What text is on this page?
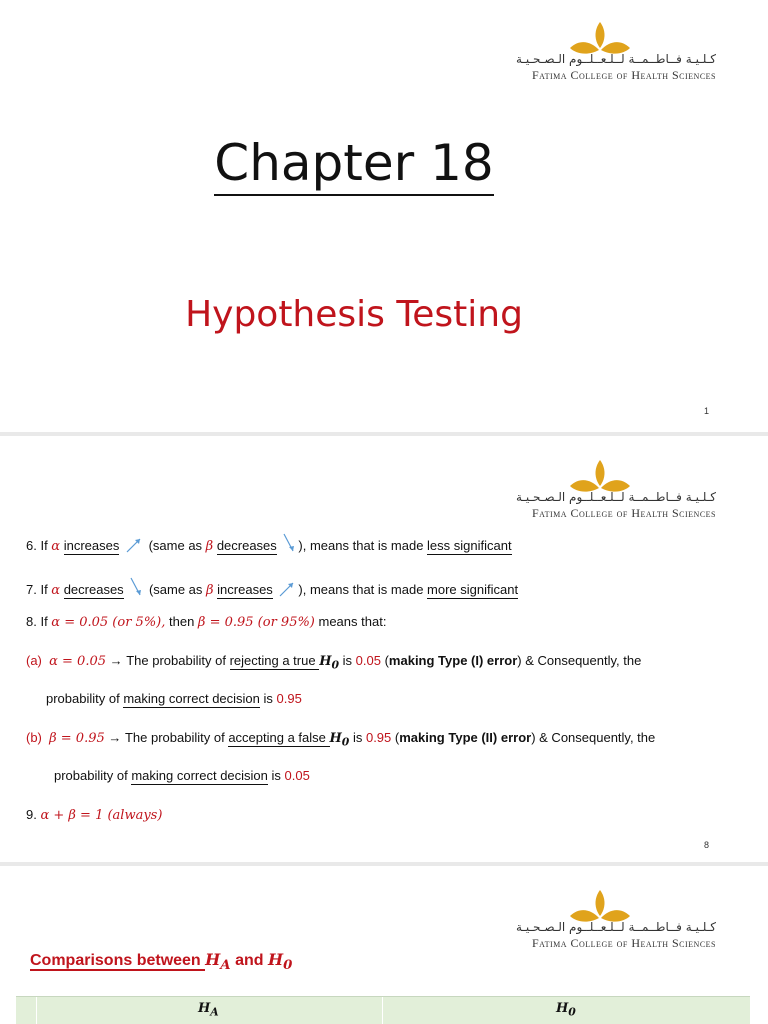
كـلـيـة فــاطــمــة لــلـعــلــوم الـصـحـيـة
Fatima College of Health Sciences
Chapter 18
Hypothesis Testing
1
كـلـيـة فــاطــمــة لــلـعــلــوم الـصـحـيـة
Fatima College of Health Sciences
6. If α increases (same as β decreases ), means that is made less significant
7. If α decreases (same as β increases ), means that is made more significant
8. If α = 0.05 (or 5%), then β = 0.95 (or 95%) means that:
(a) α = 0.05 → The probability of rejecting a true $H_0$ is 0.05 (making Type (I) error) & Consequently, the
probability of making correct decision is 0.95
(b) β = 0.95 → The probability of accepting a false $H_0$ is 0.95 (making Type (II) error) & Consequently, the
probability of making correct decision is 0.05
9. α + β = 1 (always)
8
كـلـيـة فــاطــمــة لــلـعــلــوم الـصـحـيـة
Fatima College of Health Sciences
Comparisons between $H_A$ and $H_0$
$H_A$	$H_0$
